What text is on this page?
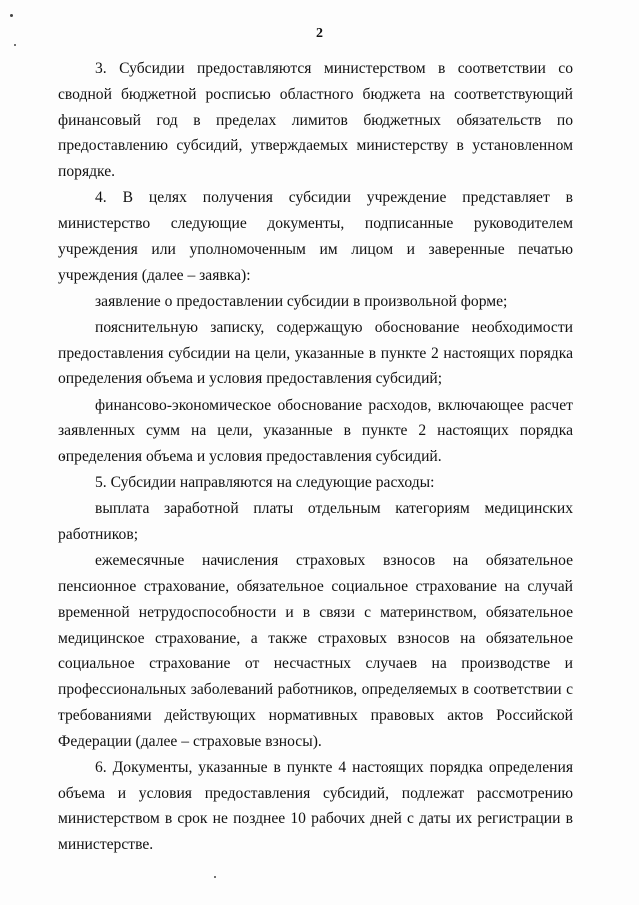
2

3. Субсидии предоставляются министерством в соответствии со сводной бюджетной росписью областного бюджета на соответствующий финансовый год в пределах лимитов бюджетных обязательств по предоставлению субсидий, утверждаемых министерству в установленном порядке.

4. В целях получения субсидии учреждение представляет в министерство следующие документы, подписанные руководителем учреждения или уполномоченным им лицом и заверенные печатью учреждения (далее – заявка):

заявление о предоставлении субсидии в произвольной форме;

пояснительную записку, содержащую обоснование необходимости предоставления субсидии на цели, указанные в пункте 2 настоящих порядка определения объема и условия предоставления субсидий;

финансово-экономическое обоснование расходов, включающее расчет заявленных сумм на цели, указанные в пункте 2 настоящих порядка определения объема и условия предоставления субсидий.

5. Субсидии направляются на следующие расходы:

выплата заработной платы отдельным категориям медицинских работников;

ежемесячные начисления страховых взносов на обязательное пенсионное страхование, обязательное социальное страхование на случай временной нетрудоспособности и в связи с материнством, обязательное медицинское страхование, а также страховых взносов на обязательное социальное страхование от несчастных случаев на производстве и профессиональных заболеваний работников, определяемых в соответствии с требованиями действующих нормативных правовых актов Российской Федерации (далее – страховые взносы).

6. Документы, указанные в пункте 4 настоящих порядка определения объема и условия предоставления субсидий, подлежат рассмотрению министерством в срок не позднее 10 рабочих дней с даты их регистрации в министерстве.
